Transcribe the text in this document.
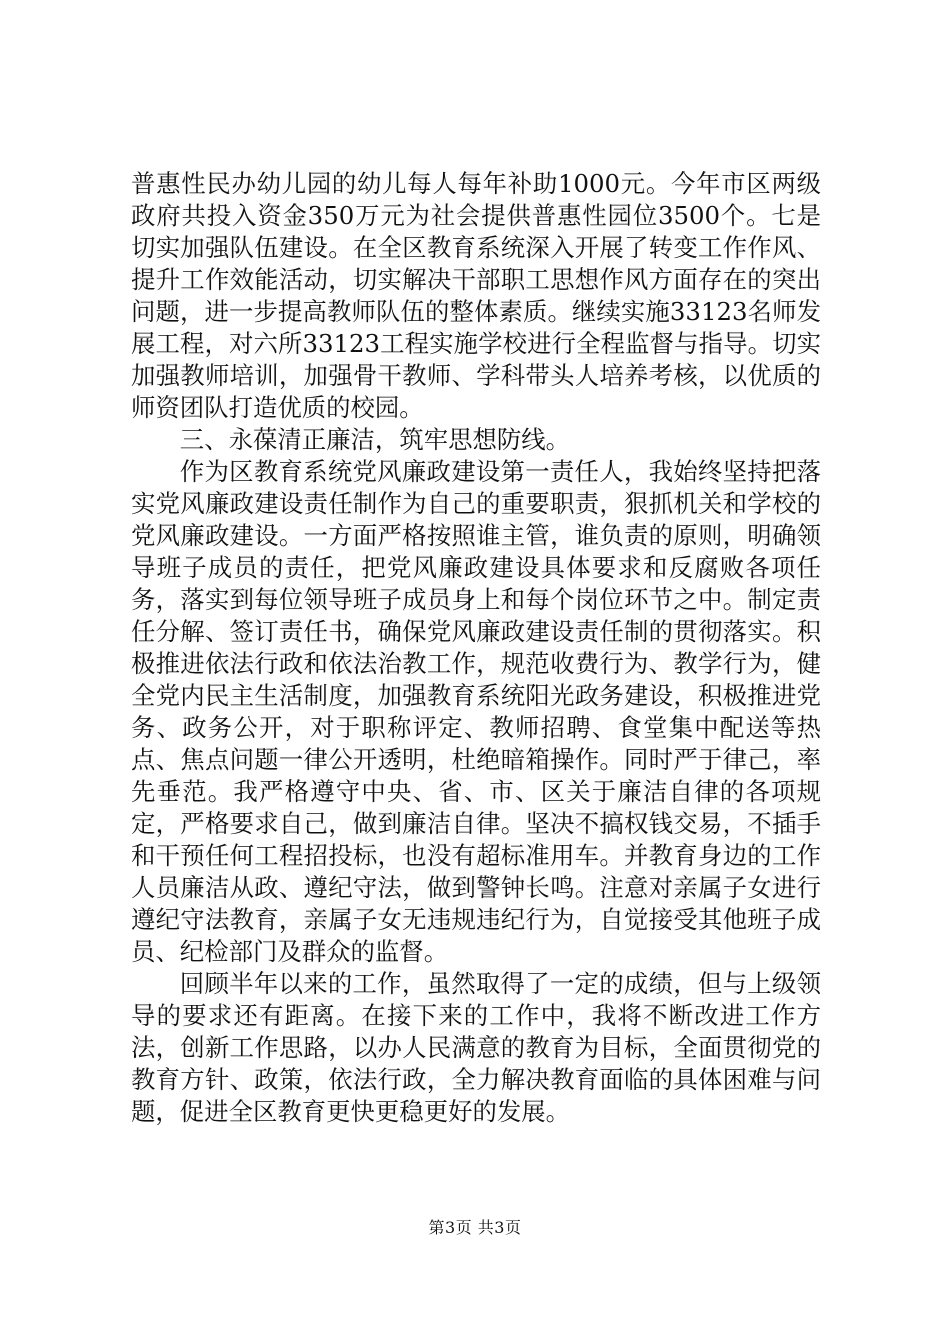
普惠性民办幼儿园的幼儿每人每年补助1000元。今年市区两级政府共投入资金350万元为社会提供普惠性园位3500个。七是切实加强队伍建设。在全区教育系统深入开展了转变工作作风、提升工作效能活动，切实解决干部职工思想作风方面存在的突出问题，进一步提高教师队伍的整体素质。继续实施33123名师发展工程，对六所33123工程实施学校进行全程监督与指导。切实加强教师培训，加强骨干教师、学科带头人培养考核，以优质的师资团队打造优质的校园。

三、永葆清正廉洁，筑牢思想防线。

作为区教育系统党风廉政建设第一责任人，我始终坚持把落实党风廉政建设责任制作为自己的重要职责，狠抓机关和学校的党风廉政建设。一方面严格按照谁主管，谁负责的原则，明确领导班子成员的责任，把党风廉政建设具体要求和反腐败各项任务，落实到每位领导班子成员身上和每个岗位环节之中。制定责任分解、签订责任书，确保党风廉政建设责任制的贯彻落实。积极推进依法行政和依法治教工作，规范收费行为、教学行为，健全党内民主生活制度，加强教育系统阳光政务建设，积极推进党务、政务公开，对于职称评定、教师招聘、食堂集中配送等热点、焦点问题一律公开透明，杜绝暗箱操作。同时严于律己，率先垂范。我严格遵守中央、省、市、区关于廉洁自律的各项规定，严格要求自己，做到廉洁自律。坚决不搞权钱交易，不插手和干预任何工程招投标，也没有超标准用车。并教育身边的工作人员廉洁从政、遵纪守法，做到警钟长鸣。注意对亲属子女进行遵纪守法教育，亲属子女无违规违纪行为，自觉接受其他班子成员、纪检部门及群众的监督。

回顾半年以来的工作，虽然取得了一定的成绩，但与上级领导的要求还有距离。在接下来的工作中，我将不断改进工作方法，创新工作思路，以办人民满意的教育为目标，全面贯彻党的教育方针、政策，依法行政，全力解决教育面临的具体困难与问题，促进全区教育更快更稳更好的发展。

第3页 共3页
